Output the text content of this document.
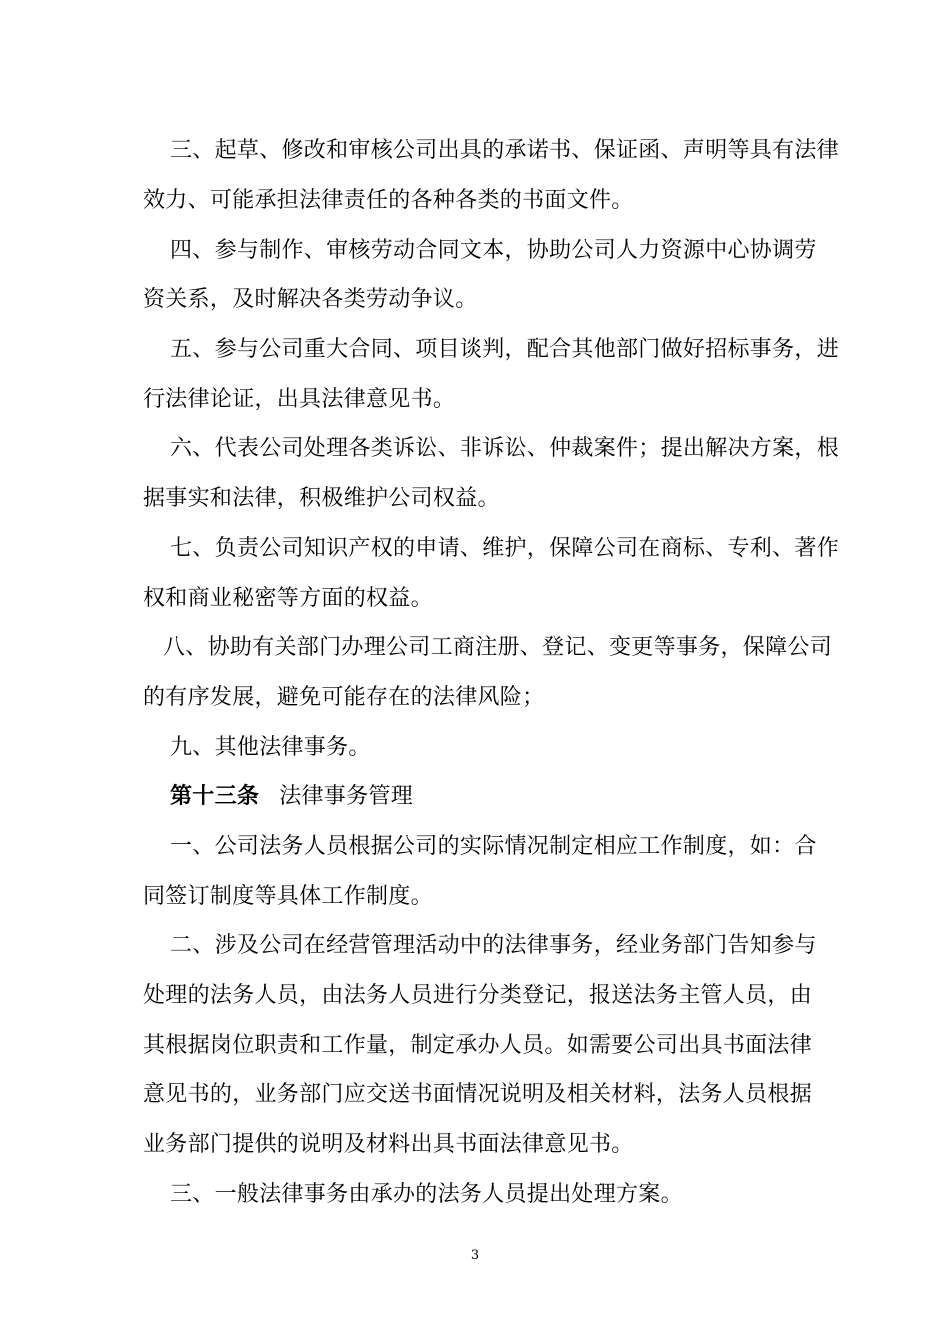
三、起草、修改和审核公司出具的承诺书、保证函、声明等具有法律
效力、可能承担法律责任的各种各类的书面文件。
四、参与制作、审核劳动合同文本，协助公司人力资源中心协调劳
资关系，及时解决各类劳动争议。
五、参与公司重大合同、项目谈判，配合其他部门做好招标事务，进
行法律论证，出具法律意见书。
六、代表公司处理各类诉讼、非诉讼、仲裁案件；提出解决方案，根
据事实和法律，积极维护公司权益。
七、负责公司知识产权的申请、维护，保障公司在商标、专利、著作
权和商业秘密等方面的权益。
八、协助有关部门办理公司工商注册、登记、变更等事务，保障公司
的有序发展，避免可能存在的法律风险；
九、其他法律事务。
第十三条 法律事务管理
一、公司法务人员根据公司的实际情况制定相应工作制度，如：合
同签订制度等具体工作制度。
二、涉及公司在经营管理活动中的法律事务，经业务部门告知参与
处理的法务人员，由法务人员进行分类登记，报送法务主管人员，由
其根据岗位职责和工作量，制定承办人员。如需要公司出具书面法律
意见书的，业务部门应交送书面情况说明及相关材料，法务人员根据
业务部门提供的说明及材料出具书面法律意见书。
三、一般法律事务由承办的法务人员提出处理方案。
3
